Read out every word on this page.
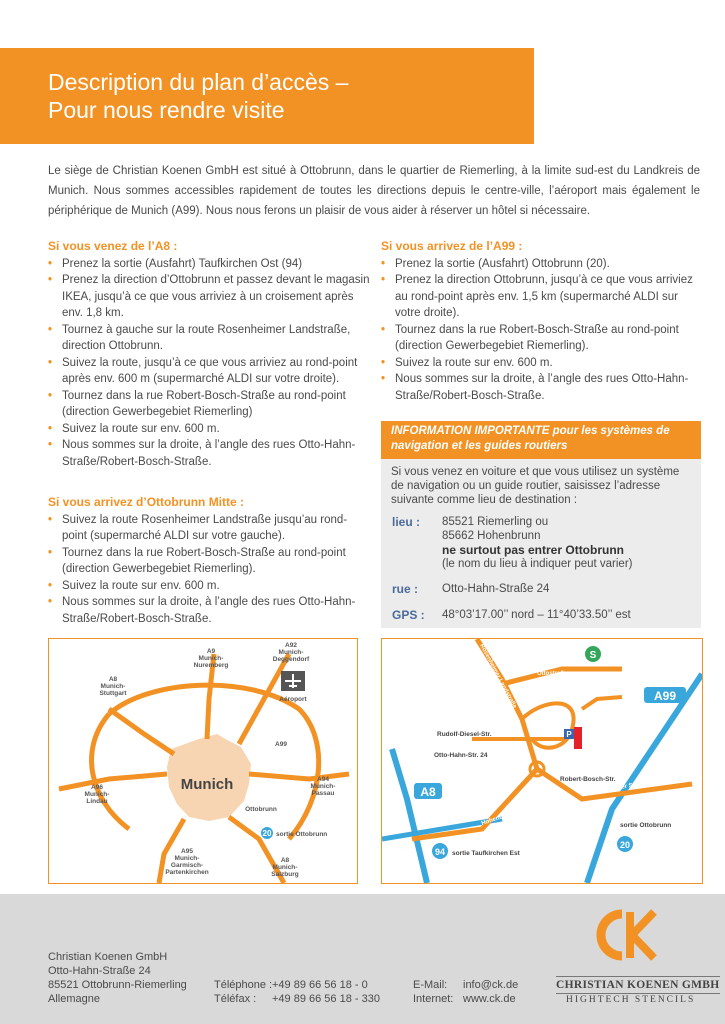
Description du plan d’accès –
Pour nous rendre visite

Le siège de Christian Koenen GmbH est situé à Ottobrunn, dans le quartier de Riemerling, à la limite sud-est du Landkreis de Munich. Nous sommes accessibles rapidement de toutes les directions depuis le centre-ville, l’aéroport mais également le périphérique de Munich (A99). Nous nous ferons un plaisir de vous aider à réserver un hôtel si nécessaire.

Si vous venez de l’A8 :
• Prenez la sortie (Ausfahrt) Taufkirchen Ost (94)
• Prenez la direction d’Ottobrunn et passez devant le magasin IKEA, jusqu’à ce que vous arriviez à un croisement après env. 1,8 km.
• Tournez à gauche sur la route Rosenheimer Landstraße, direction Ottobrunn.
• Suivez la route, jusqu’à ce que vous arriviez au rond-point après env. 600 m (supermarché ALDI sur votre droite).
• Tournez dans la rue Robert-Bosch-Straße au rond-point (direction Gewerbegebiet Riemerling)
• Suivez la route sur env. 600 m.
• Nous sommes sur la droite, à l’angle des rues Otto-Hahn-Straße/Robert-Bosch-Straße.
Si vous arrivez d’Ottobrunn Mitte :
• Suivez la route Rosenheimer Landstraße jusqu’au rond-point (supermarché ALDI sur votre gauche).
• Tournez dans la rue Robert-Bosch-Straße au rond-point (direction Gewerbegebiet Riemerling).
• Suivez la route sur env. 600 m.
• Nous sommes sur la droite, à l’angle des rues Otto-Hahn-Straße/Robert-Bosch-Straße.
Si vous arrivez de l’A99 :
• Prenez la sortie (Ausfahrt) Ottobrunn (20).
• Prenez la direction Ottobrunn, jusqu’à ce que vous arriviez au rond-point après env. 1,5 km (supermarché ALDI sur votre droite).
• Tournez dans la rue Robert-Bosch-Straße au rond-point (direction Gewerbegebiet Riemerling).
• Suivez la route sur env. 600 m.
• Nous sommes sur la droite, à l’angle des rues Otto-Hahn-Straße/Robert-Bosch-Straße.
INFORMATION IMPORTANTE pour les systèmes de navigation et les guides routiers
Si vous venez en voiture et que vous utilisez un système de navigation ou un guide routier, saisissez l’adresse suivante comme lieu de destination :
lieu : 85521 Riemerling ou
85662 Hohenbrunn
ne surtout pas entrer Ottobrunn
(le nom du lieu à indiquer peut varier)
rue : Otto-Hahn-Straße 24
GPS : 48°03’17.00’’ nord – 11°40’33.50’’ est
20
A92
Munich-
Deggendorf
A9
Munich-
Nuremberg
A8
Munich-
Stuttgart
Aéroport
A99
A96
Munich-
Lindau
A94
Munich-
Passau
Ottobrunn
sortie Ottobrunn
A95
Munich-
Garmisch-
Partenkirchen
A8
Munich-
Salzburg
Munich
P
S
A99
A8
94
20
Rudolf-Diesel-Str.
Otto-Hahn-Str. 24
Robert-Bosch-Str.
sortie Ottobrunn
sortie Taufkirchen Est
Ottostraße
Rosenheimer Landstraße
Taufkirchner Straße
Hohenbrunner Straße
Christian Koenen GmbH
Otto-Hahn-Straße 24
85521 Ottobrunn-Riemerling
Allemagne
Téléphone : +49 89 66 56 18 - 0
Téléfax : +49 89 66 56 18 - 330
E-Mail: info@ck.de
Internet: www.ck.de
CHRISTIAN KOENEN GMBH
HIGHTECH STENCILS
